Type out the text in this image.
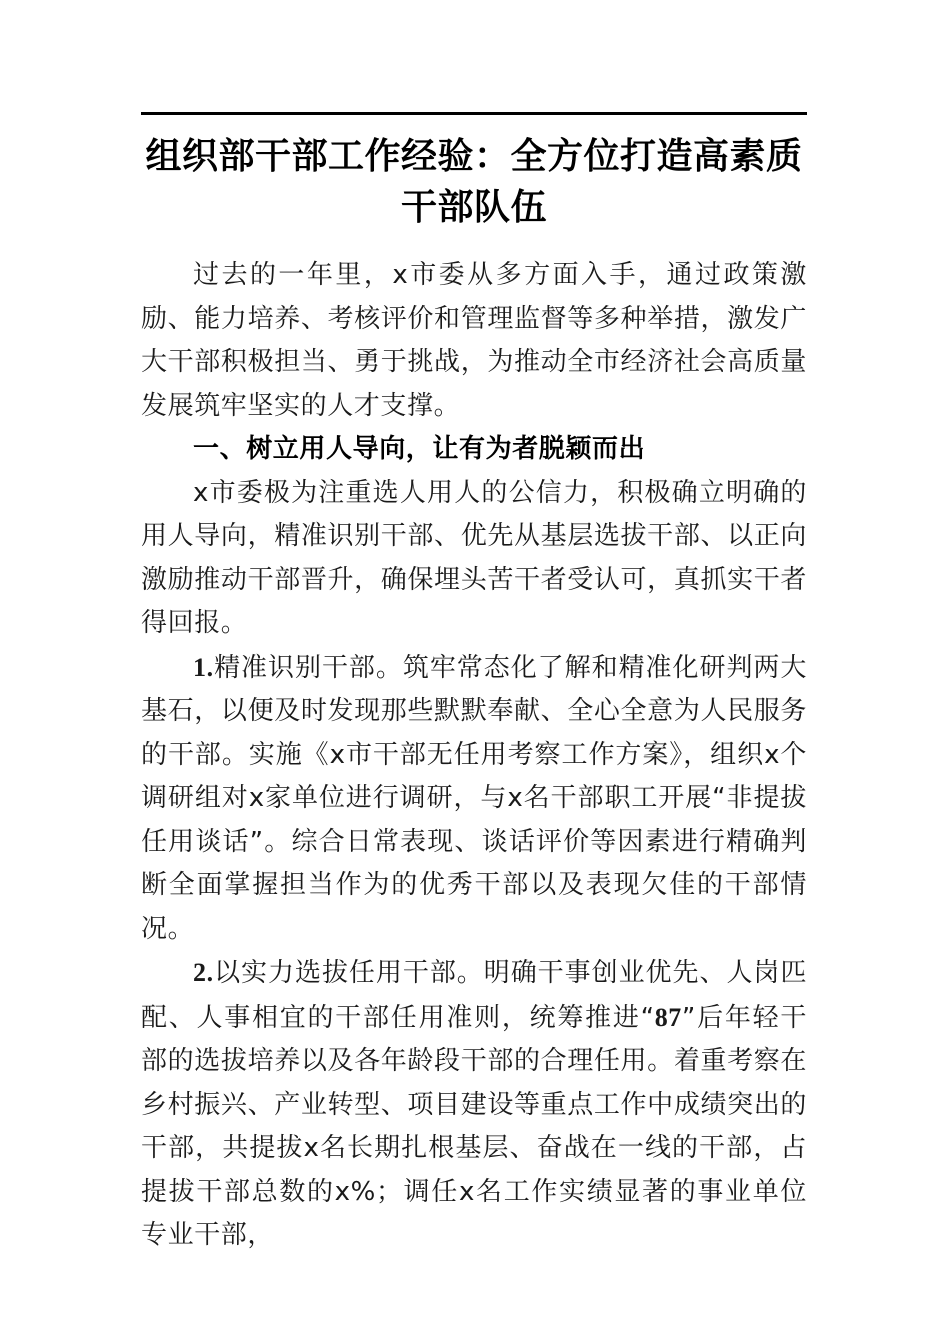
组织部干部工作经验：全方位打造高素质干部队伍

过去的一年里，x市委从多方面入手，通过政策激励、能力培养、考核评价和管理监督等多种举措，激发广大干部积极担当、勇于挑战，为推动全市经济社会高质量发展筑牢坚实的人才支撑。

一、树立用人导向，让有为者脱颖而出

x市委极为注重选人用人的公信力，积极确立明确的用人导向，精准识别干部、优先从基层选拔干部、以正向激励推动干部晋升，确保埋头苦干者受认可，真抓实干者得回报。

1.精准识别干部。筑牢常态化了解和精准化研判两大基石，以便及时发现那些默默奉献、全心全意为人民服务的干部。实施《x市干部无任用考察工作方案》，组织x个调研组对x家单位进行调研，与x名干部职工开展“非提拔任用谈话”。综合日常表现、谈话评价等因素进行精确判断全面掌握担当作为的优秀干部以及表现欠佳的干部情况。

2.以实力选拔任用干部。明确干事创业优先、人岗匹配、人事相宜的干部任用准则，统筹推进“87”后年轻干部的选拔培养以及各年龄段干部的合理任用。着重考察在乡村振兴、产业转型、项目建设等重点工作中成绩突出的干部，共提拔x名长期扎根基层、奋战在一线的干部，占提拔干部总数的x%；调任x名工作实绩显著的事业单位专业干部，
